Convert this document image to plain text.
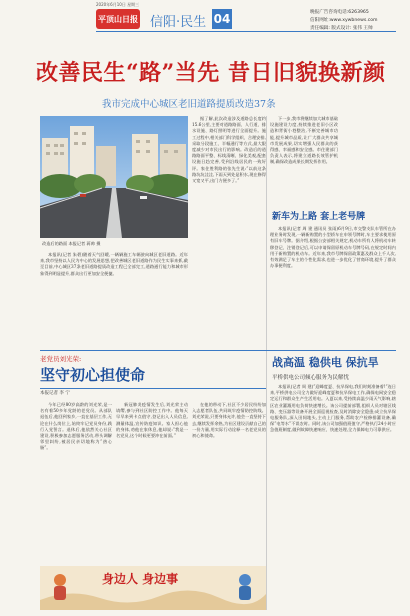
2020年6月10日 星期三
平顶山日报 信阳·民生 04	晚报广告咨询电话:6263965
信阳网址:www.xywbnews.com
责任编辑: 版式设计: 张伟 王帅
改善民生“路”当先 昔日旧貌换新颜
我市完成中心城区老旧道路提质改造37条
改造后的路面 本报记者 蒋帅 摄

本报讯(记者 朱碧)随着天气回暖,一辆辆施工车辆驶向城区老旧道路。近年来,我市坚持以人民为中心的发展思想,把改善城区老旧道路作为民生实事来抓,截至目前,中心城区37条老旧道路提质改造工程已全部完工,道路通行能力和城市形象得到明显提升,群众出行更加安全便捷。

据了解,此次改造涉及道路总长度约15.6公里,主要对道路路面、人行道、排水设施、路灯照明等进行全面提升。施工过程中,相关部门科学组织、合理安排,采取分段施工、半幅通行等方式,最大限度减少对市民出行的影响。改造后的道路路面平整、标线清晰、绿化美观,配套设施日趋完善,受到沿线居民的一致好评。家住胜利路的张先生说:“以前这条路坑坑洼洼,下雨天到处是积水,现在修得又宽又平,出门方便多了。”

下一步,我市将继续加大城市基础设施建设力度,持续推进老旧小区改造和背街小巷整治,不断完善城市功能,提升城市品质,让广大群众共享城市发展成果,切实增强人民群众的获得感、幸福感和安全感。市住建部门负责人表示,将建立道路长效管护机制,确保改造成果长期发挥作用。

新车为上路 套上老号牌

本报讯(记者 周 建 通讯员 张雨)6月9日,市交警支队车管所在办理业务时发现,一辆新购置的小型轿车在申领号牌时,车主要求使用原有旧车号牌。据介绍,根据公安部相关规定,机动车所有人将机动车转移登记、注销登记后,可以申请保留原机动车号牌号码,在规定时间内用于新购置的机动车。近年来,我市号牌保留政策惠及群众上千人次,有效满足了车主的个性化需求,也进一步优化了营商环境,提升了群众办事便利度。

老党员刘光荣:
坚守初心担使命
本报记者 李 宁

今年已经80岁高龄的刘光荣,是一名有着50多年党龄的老党员。从部队退伍后,他回到家乡,一直在基层工作,无论在什么岗位上,始终牢记党员身份,践行入党誓言。退休后,他依然关心社区建设,积极参加志愿服务活动,带头调解邻里纠纷,被居民亲切地称为“热心肠”。

新冠肺炎疫情发生后,刘光荣主动请缨,参与到社区防控工作中。他每天早早来到卡点值守,登记出入人员信息,测量体温,宣传防疫知识。家人担心他的身体,劝他在家休息,他却说:“我是一名党员,这个时候更要冲在前面。”

在他的带动下,社区不少居民纷纷加入志愿者队伍,共同筑牢疫情防控防线。刘光荣说,只要身体允许,他会一直坚持下去,继续发挥余热,为社区建设贡献自己的一份力量,用实际行动诠释一名老党员的初心和使命。

战高温 稳供电 保抗旱
平桥供电公司倾心服务为民解忧

本报讯(记者 周 建)“迎峰度夏、抗旱保电,我们时刻准备着!”连日来,平桥供电公司全力做好迎峰度夏和抗旱保电工作,确保电网安全稳定运行和群众生产生活用电。入夏以来,受持续高温少雨天气影响,辖区农业灌溉用电负荷快速增长。该公司提前部署,组织人员对辖区线路、变压器等设备开展全面巡视检查,及时消除安全隐患;成立抗旱保电服务队,深入田间地头,主动上门服务,帮助农户检修排灌设备,确保“电等水”不误农时。同时,该公司加强值班值守,严格执行24小时应急值班制度,做到故障快速响应、快速处理,全力保障电力可靠供应。

身边人 身边事
